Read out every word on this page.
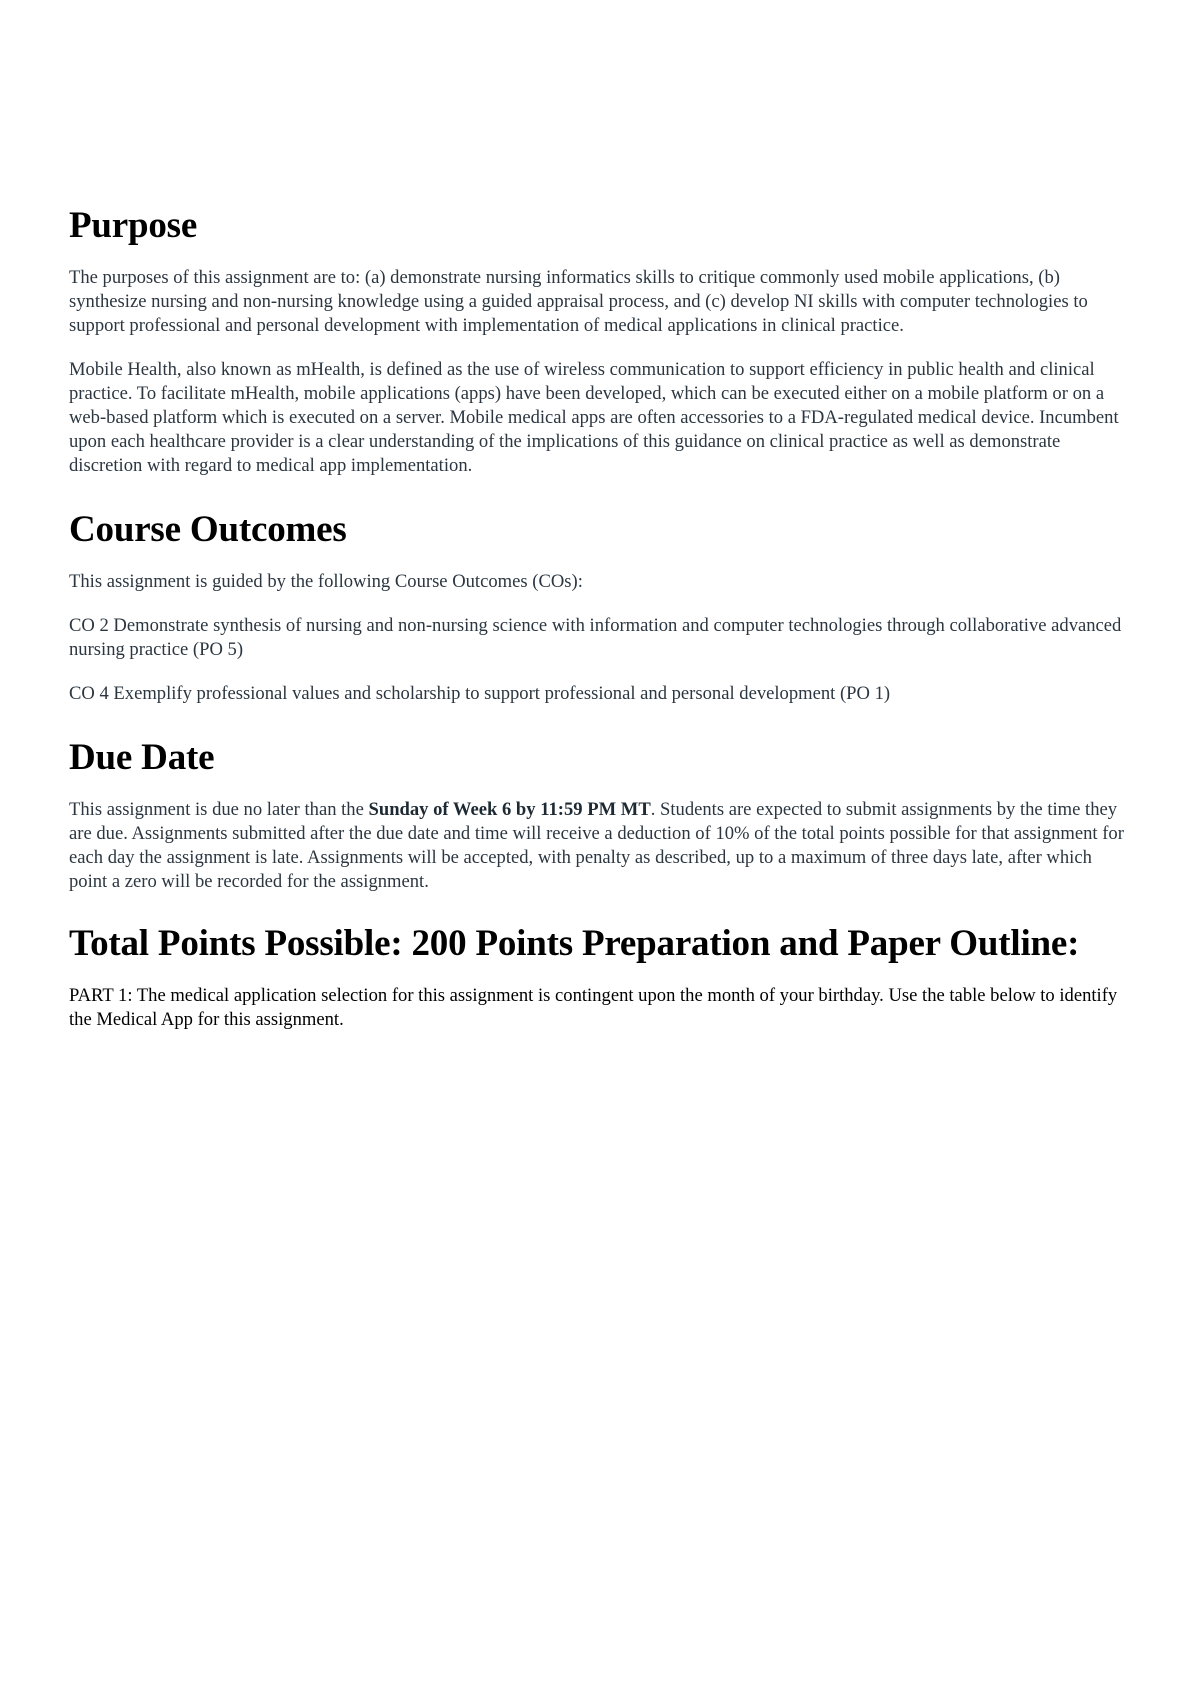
Purpose

The purposes of this assignment are to: (a) demonstrate nursing informatics skills to critique commonly used mobile applications, (b) synthesize nursing and non-nursing knowledge using a guided appraisal process, and (c) develop NI skills with computer technologies to support professional and personal development with implementation of medical applications in clinical practice.

Mobile Health, also known as mHealth, is defined as the use of wireless communication to support efficiency in public health and clinical practice. To facilitate mHealth, mobile applications (apps) have been developed, which can be executed either on a mobile platform or on a web-based platform which is executed on a server. Mobile medical apps are often accessories to a FDA-regulated medical device. Incumbent upon each healthcare provider is a clear understanding of the implications of this guidance on clinical practice as well as demonstrate discretion with regard to medical app implementation.

Course Outcomes

This assignment is guided by the following Course Outcomes (COs):

CO 2 Demonstrate synthesis of nursing and non-nursing science with information and computer technologies through collaborative advanced nursing practice (PO 5)

CO 4 Exemplify professional values and scholarship to support professional and personal development (PO 1)

Due Date

This assignment is due no later than the Sunday of Week 6 by 11:59 PM MT. Students are expected to submit assignments by the time they are due. Assignments submitted after the due date and time will receive a deduction of 10% of the total points possible for that assignment for each day the assignment is late. Assignments will be accepted, with penalty as described, up to a maximum of three days late, after which point a zero will be recorded for the assignment.

Total Points Possible: 200 Points Preparation and Paper Outline:

PART 1: The medical application selection for this assignment is contingent upon the month of your birthday. Use the table below to identify the Medical App for this assignment.
